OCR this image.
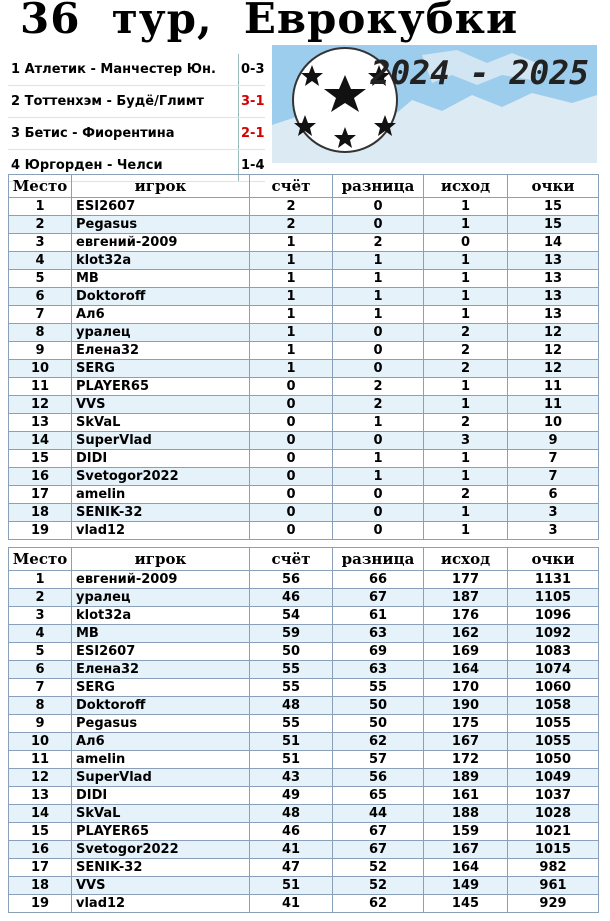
36  тур,  Еврокубки
1 Атлетик - Манчестер Юн.	0-3
2 Тоттенхэм - Будё/Глимт	3-1
3 Бетис - Фиорентина	2-1
4 Юргорден - Челси	1-4
2024 - 2025
Место	игрок	счёт	разница	исход	очки
1	ESI2607	2	0	1	15
2	Pegasus	2	0	1	15
3	евгений-2009	1	2	0	14
4	klot32a	1	1	1	13
5	MB	1	1	1	13
6	Doktoroff	1	1	1	13
7	Ал6	1	1	1	13
8	уралец	1	0	2	12
9	Елена32	1	0	2	12
10	SERG	1	0	2	12
11	PLAYER65	0	2	1	11
12	VVS	0	2	1	11
13	SkVaL	0	1	2	10
14	SuperVlad	0	0	3	9
15	DIDI	0	1	1	7
16	Svetogor2022	0	1	1	7
17	amelin	0	0	2	6
18	SENIK-32	0	0	1	3
19	vlad12	0	0	1	3
Место	игрок	счёт	разница	исход	очки
1	евгений-2009	56	66	177	1131
2	уралец	46	67	187	1105
3	klot32a	54	61	176	1096
4	MB	59	63	162	1092
5	ESI2607	50	69	169	1083
6	Елена32	55	63	164	1074
7	SERG	55	55	170	1060
8	Doktoroff	48	50	190	1058
9	Pegasus	55	50	175	1055
10	Ал6	51	62	167	1055
11	amelin	51	57	172	1050
12	SuperVlad	43	56	189	1049
13	DIDI	49	65	161	1037
14	SkVaL	48	44	188	1028
15	PLAYER65	46	67	159	1021
16	Svetogor2022	41	67	167	1015
17	SENIK-32	47	52	164	982
18	VVS	51	52	149	961
19	vlad12	41	62	145	929
